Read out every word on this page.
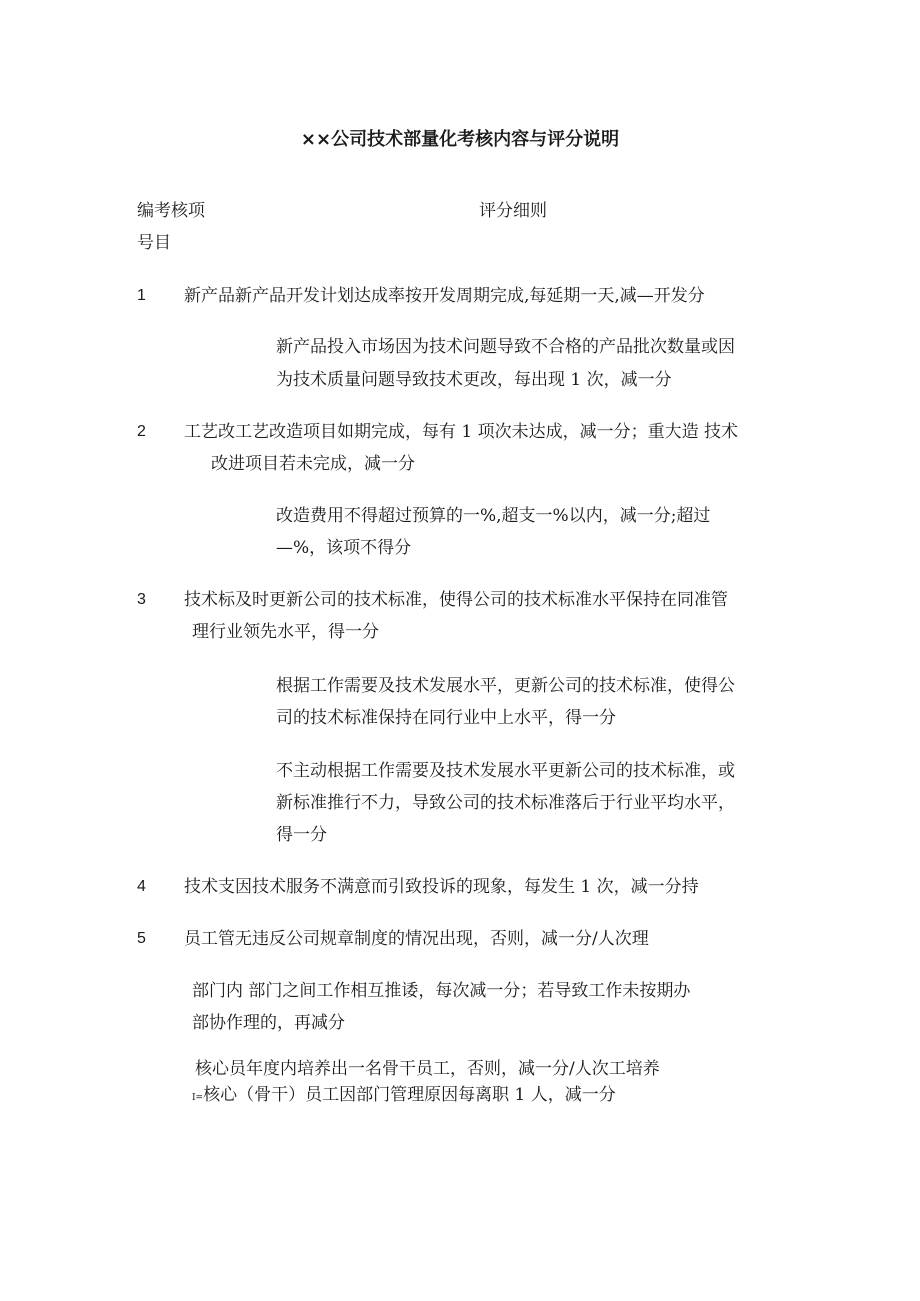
××公司技术部量化考核内容与评分说明
编考核项
号目
评分细则
1 新产品新产品开发计划达成率按开发周期完成,每延期一天,减—开发分
新产品投入市场因为技术问题导致不合格的产品批次数量或因
为技术质量问题导致技术更改，每出现 1 次，减一分
2 工艺改工艺改造项目如期完成，每有 1 项次未达成，减一分；重大造 技术
改进项目若未完成，减一分
改造费用不得超过预算的一%,超支一%以内，减一分;超过
—%，该项不得分
3 技术标及时更新公司的技术标准，使得公司的技术标准水平保持在同准管
理行业领先水平，得一分
根据工作需要及技术发展水平，更新公司的技术标准，使得公
司的技术标准保持在同行业中上水平，得一分
不主动根据工作需要及技术发展水平更新公司的技术标准，或
新标准推行不力，导致公司的技术标准落后于行业平均水平，
得一分
4 技术支因技术服务不满意而引致投诉的现象，每发生 1 次，减一分持
5 员工管无违反公司规章制度的情况出现，否则，减一分/人次理
部门内 部门之间工作相互推诿，每次减一分；若导致工作未按期办
部协作理的，再减分
核心员年度内培养出一名骨干员工，否则，减一分/人次工培养
I=核心（骨干）员工因部门管理原因每离职 1 人，减一分
